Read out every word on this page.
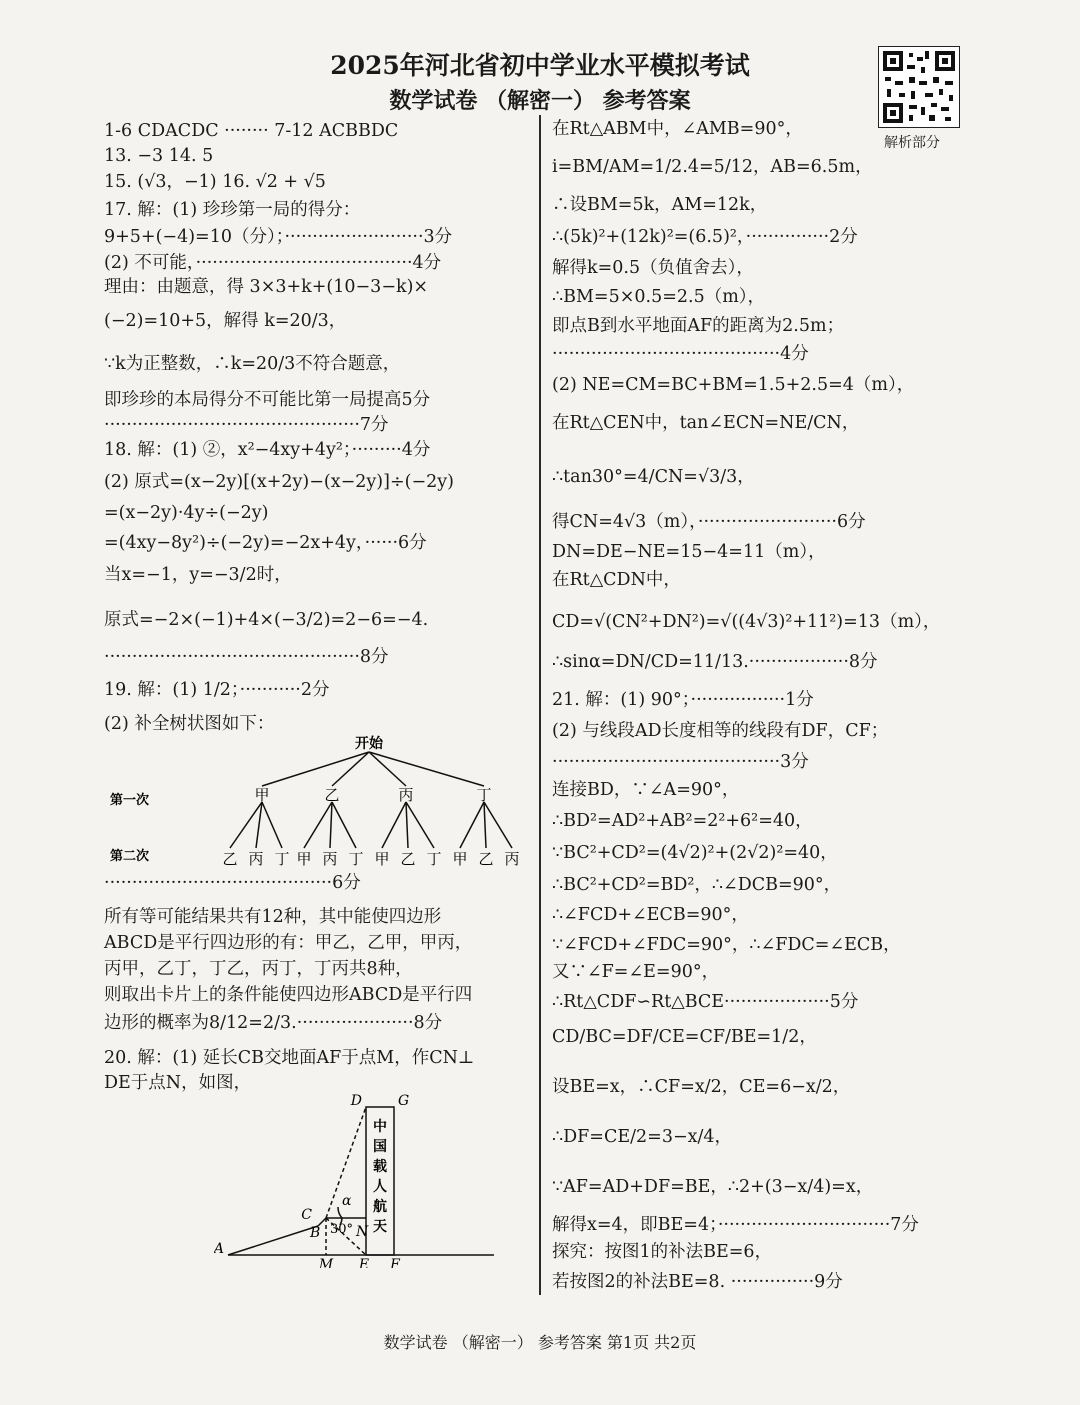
2025年河北省初中学业水平模拟考试
数学试卷 （解密一） 参考答案
解析部分
1-6 CDACDC ········ 7-12 ACBBDC
13. −3 14. 5
15. (√3，−1) 16. √2 + √5
17. 解：(1) 珍珍第一局的得分：
9+5+(−4)=10（分）；·························3分
(2) 不可能，·······································4分
理由：由题意，得 3×3+k+(10−3−k)×
(−2)=10+5，解得 k=20/3，
∵k为正整数，∴k=20/3不符合题意，
即珍珍的本局得分不可能比第一局提高5分
··············································7分
18. 解：(1) ②，x²−4xy+4y²；·········4分
(2) 原式=(x−2y)[(x+2y)−(x−2y)]÷(−2y)
=(x−2y)·4y÷(−2y)
=(4xy−8y²)÷(−2y)=−2x+4y，······6分
当x=−1，y=−3/2时，
原式=−2×(−1)+4×(−3/2)=2−6=−4.
··············································8分
19. 解：(1) 1/2；···········2分
(2) 补全树状图如下：
开始
第一次
第二次
甲	乙	丙	丁
乙 丙 丁 甲 丙 丁 甲 乙 丁 甲 乙 丙
·········································6分
所有等可能结果共有12种，其中能使四边形
ABCD是平行四边形的有：甲乙，乙甲，甲丙，
丙甲，乙丁，丁乙，丙丁，丁丙共8种，
则取出卡片上的条件能使四边形ABCD是平行四
边形的概率为8/12=2/3.·····················8分
20. 解：(1) 延长CB交地面AF于点M，作CN⊥
DE于点N，如图，
D	G
C
B	N
A
M E F
α
30°
中
国
载
人
航
天
在Rt△ABM中，∠AMB=90°，
i=BM/AM=1/2.4=5/12，AB=6.5m，
∴设BM=5k，AM=12k，
∴(5k)²+(12k)²=(6.5)²，···············2分
解得k=0.5（负值舍去），
∴BM=5×0.5=2.5（m），
即点B到水平地面AF的距离为2.5m；
·········································4分
(2) NE=CM=BC+BM=1.5+2.5=4（m），
在Rt△CEN中，tan∠ECN=NE/CN，
∴tan30°=4/CN=√3/3，
得CN=4√3（m），·························6分
DN=DE−NE=15−4=11（m），
在Rt△CDN中，
CD=√(CN²+DN²)=√((4√3)²+11²)=13（m），
∴sinα=DN/CD=11/13.··················8分
21. 解：(1) 90°；·················1分
(2) 与线段AD长度相等的线段有DF，CF；
·········································3分
连接BD，∵∠A=90°，
∴BD²=AD²+AB²=2²+6²=40，
∵BC²+CD²=(4√2)²+(2√2)²=40，
∴BC²+CD²=BD²，∴∠DCB=90°，
∴∠FCD+∠ECB=90°，
∵∠FCD+∠FDC=90°，∴∠FDC=∠ECB，
又∵∠F=∠E=90°，
∴Rt△CDF∽Rt△BCE···················5分
CD/BC=DF/CE=CF/BE=1/2，
设BE=x，∴CF=x/2，CE=6−x/2，
∴DF=CE/2=3−x/4，
∵AF=AD+DF=BE，∴2+(3−x/4)=x，
解得x=4，即BE=4；·······························7分
探究：按图1的补法BE=6，
若按图2的补法BE=8. ···············9分
数学试卷 （解密一） 参考答案 第1页 共2页
